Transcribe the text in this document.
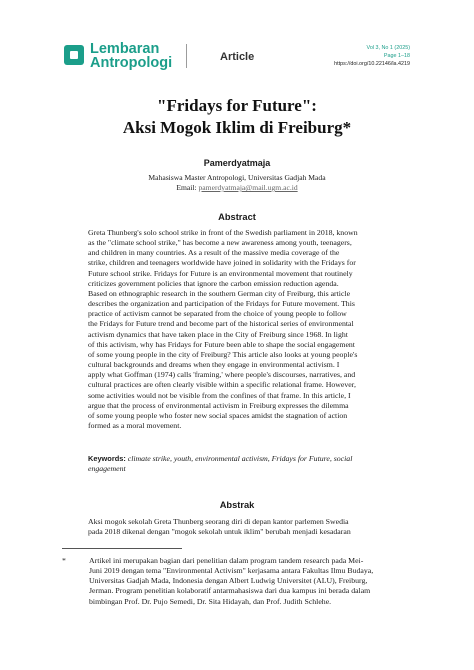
Lembaran
Antropologi	Article
Vol 3, No 1 (2025)
Page 1–18
https://doi.org/10.22146/la.4219
"Fridays for Future":
Aksi Mogok Iklim di Freiburg*
Pamerdyatmaja
Mahasiswa Master Antropologi, Universitas Gadjah Mada
Email: pamerdyatmaja@mail.ugm.ac.id
Abstract
Greta Thunberg's solo school strike in front of the Swedish parliament in 2018, known
as the "climate school strike," has become a new awareness among youth, teenagers,
and children in many countries. As a result of the massive media coverage of the
strike, children and teenagers worldwide have joined in solidarity with the Fridays for
Future school strike. Fridays for Future is an environmental movement that routinely
criticizes government policies that ignore the carbon emission reduction agenda.
Based on ethnographic research in the southern German city of Freiburg, this article
describes the organization and participation of the Fridays for Future movement. This
practice of activism cannot be separated from the choice of young people to follow
the Fridays for Future trend and become part of the historical series of environmental
activism dynamics that have taken place in the City of Freiburg since 1968. In light
of this activism, why has Fridays for Future been able to shape the social engagement
of some young people in the city of Freiburg? This article also looks at young people's
cultural backgrounds and dreams when they engage in environmental activism. I
apply what Goffman (1974) calls 'framing,' where people's discourses, narratives, and
cultural practices are often clearly visible within a specific relational frame. However,
some activities would not be visible from the confines of that frame. In this article, I
argue that the process of environmental activism in Freiburg expresses the dilemma
of some young people who foster new social spaces amidst the stagnation of action
formed as a moral movement.
Keywords: climate strike, youth, environmental activism, Fridays for Future, social engagement
Abstrak
Aksi mogok sekolah Greta Thunberg seorang diri di depan kantor parlemen Swedia
pada 2018 dikenal dengan "mogok sekolah untuk iklim" berubah menjadi kesadaran
*	Artikel ini merupakan bagian dari penelitian dalam program tandem research pada Mei-
Juni 2019 dengan tema "Environmental Activism" kerjasama antara Fakultas Ilmu Budaya,
Universitas Gadjah Mada, Indonesia dengan Albert Ludwig Universitet (ALU), Freiburg,
Jerman. Program penelitian kolaboratif antarmahasiswa dari dua kampus ini berada dalam
bimbingan Prof. Dr. Pujo Semedi, Dr. Sita Hidayah, dan Prof. Judith Schlehe.
